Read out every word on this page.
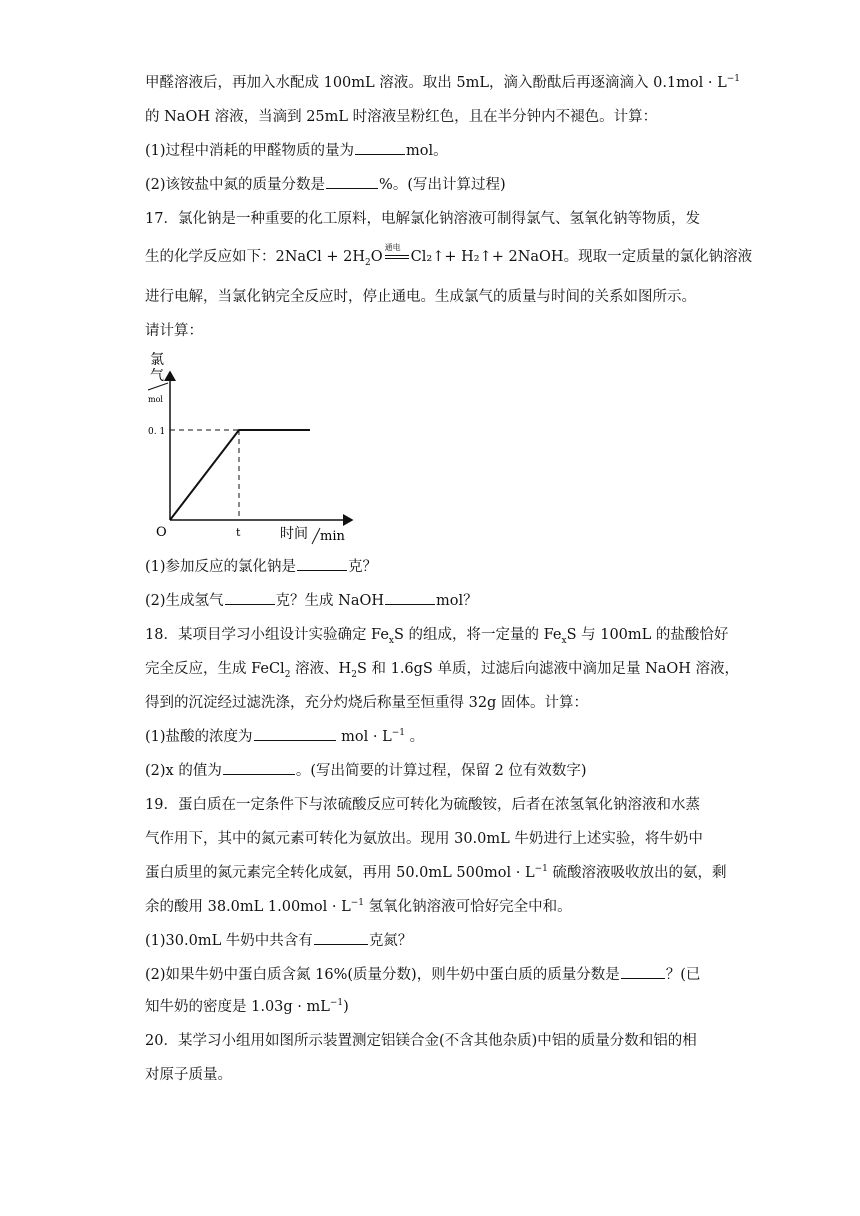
甲醛溶液后，再加入水配成 100mL 溶液。取出 5mL，滴入酚酞后再逐滴滴入 $0.1mol \cdot L^{-1}$
的 NaOH 溶液，当滴到 25mL 时溶液呈粉红色，且在半分钟内不褪色。计算：
(1)过程中消耗的甲醛物质的量为	mol。
(2)该铵盐中氮的质量分数是	%。(写出计算过程)
17．氯化钠是一种重要的化工原料，电解氯化钠溶液可制得氯气、氢氧化钠等物质，发
生的化学反应如下：2NaCl + $2H_2O$
通电
Cl₂↑+ H₂↑+ 2NaOH。现取一定质量的氯化钠溶液
进行电解，当氯化钠完全反应时，停止通电。生成氯气的质量与时间的关系如图所示。
请计算：
氯
气
mol
0. 1
O	t	时间 min
(1)参加反应的氯化钠是	克？
(2)生成氢气	克？生成 NaOH	mol？
18．某项目学习小组设计实验确定 $Fe_xS$ 的组成，将一定量的 $Fe_xS$ 与 100mL 的盐酸恰好
完全反应，生成 FeCl$_2$ 溶液、$H_2S$ 和 1.6gS 单质，过滤后向滤液中滴加足量 NaOH 溶液，
得到的沉淀经过滤洗涤，充分灼烧后称量至恒重得 32g 固体。计算：
(1)盐酸的浓度为	mol · $L^{-1}$ 。
(2)x 的值为	。(写出简要的计算过程，保留 2 位有效数字)
19．蛋白质在一定条件下与浓硫酸反应可转化为硫酸铵，后者在浓氢氧化钠溶液和水蒸
气作用下，其中的氮元素可转化为氨放出。现用 30.0mL 牛奶进行上述实验，将牛奶中
蛋白质里的氮元素完全转化成氨，再用 50.0mL $500mol \cdot L^{-1}$ 硫酸溶液吸收放出的氨，剩
余的酸用 38.0mL $1.00mol \cdot L^{-1}$ 氢氧化钠溶液可恰好完全中和。
(1)30.0mL 牛奶中共含有	克氮？
(2)如果牛奶中蛋白质含氮 16%(质量分数)，则牛奶中蛋白质的质量分数是	？(已
知牛奶的密度是 $1.03g \cdot mL^{-1}$)
20．某学习小组用如图所示装置测定铝镁合金(不含其他杂质)中铝的质量分数和铝的相
对原子质量。
